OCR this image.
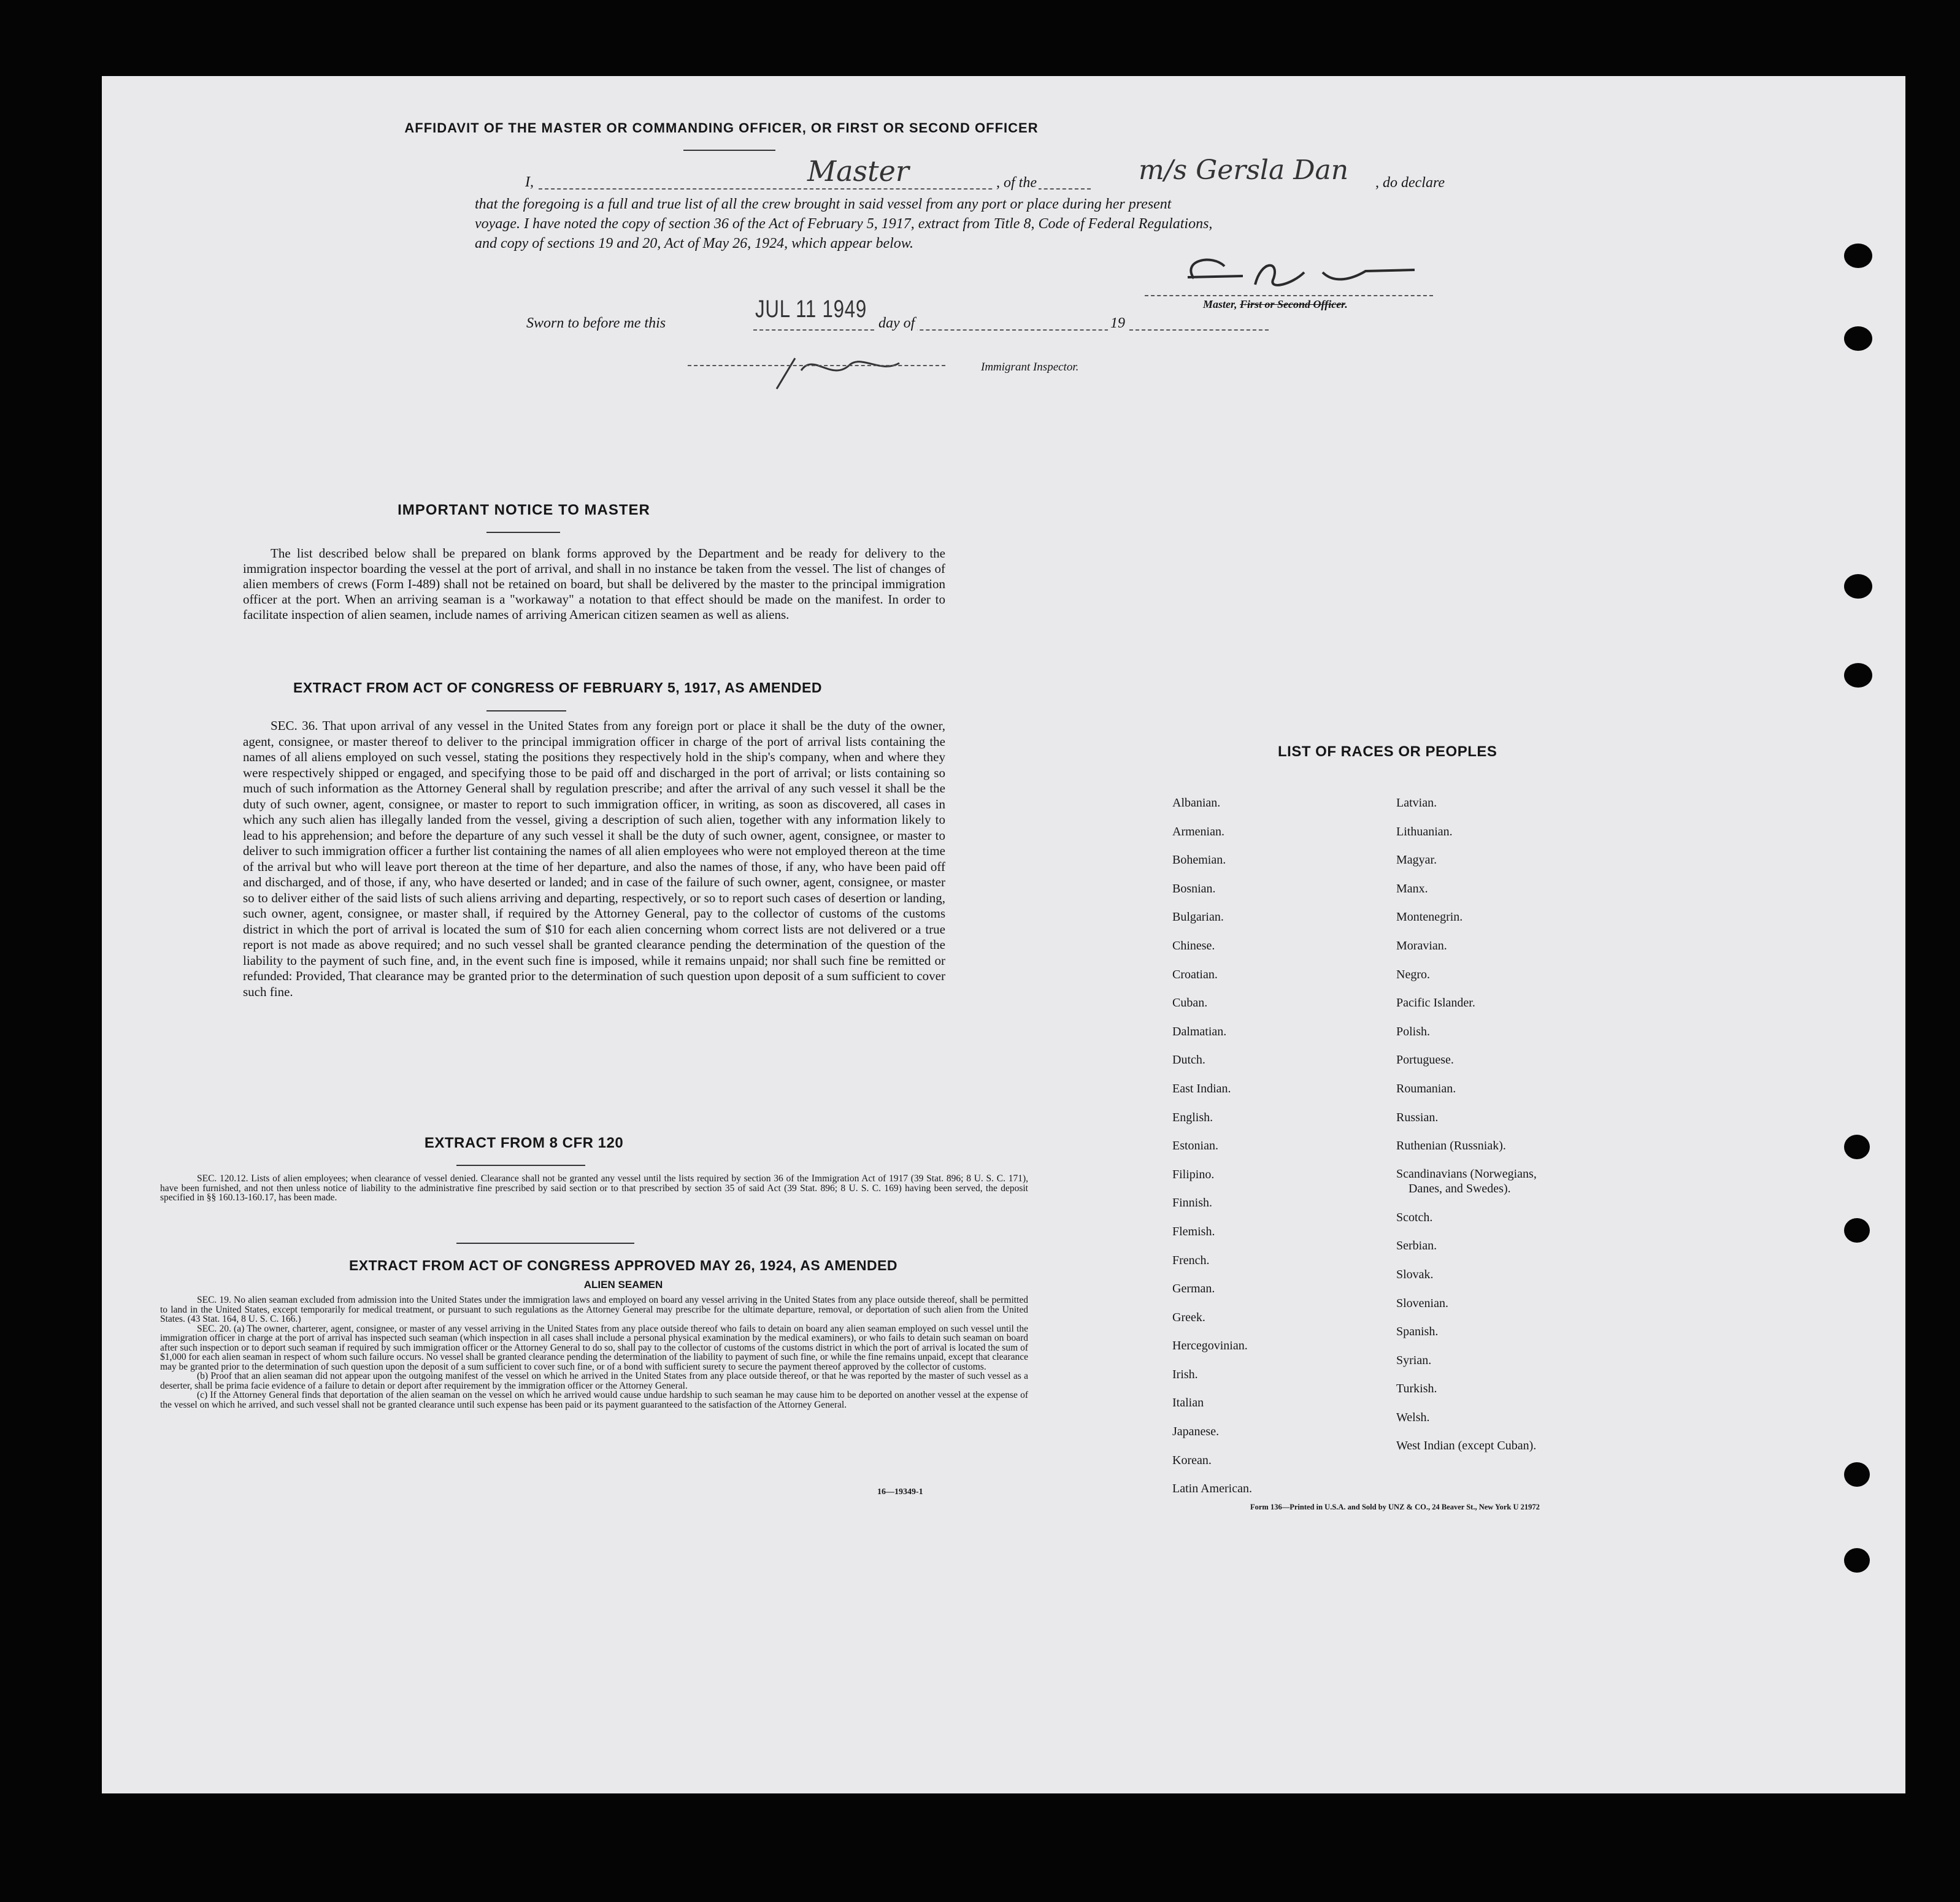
AFFIDAVIT OF THE MASTER OR COMMANDING OFFICER, OR FIRST OR SECOND OFFICER
I,	Master	, of the	m/s Gersla Dan , do declare
that the foregoing is a full and true list of all the crew brought in said vessel from any port or place during her present
voyage. I have noted the copy of section 36 of the Act of February 5, 1917, extract from Title 8, Code of Federal Regulations,
and copy of sections 19 and 20, Act of May 26, 1924, which appear below.
Master, First or Second Officer.
Sworn to before me this
JUL 11 1949
day of	19
Immigrant Inspector.
IMPORTANT NOTICE TO MASTER
The list described below shall be prepared on blank forms approved by the Department and be ready for delivery to the immigration inspector boarding the vessel at the port of arrival, and shall in no instance be taken from the vessel. The list of changes of alien members of crews (Form I-489) shall not be retained on board, but shall be delivered by the master to the principal immigration officer at the port. When an arriving seaman is a "workaway" a notation to that effect should be made on the manifest. In order to facilitate inspection of alien seamen, include names of arriving American citizen seamen as well as aliens.
EXTRACT FROM ACT OF CONGRESS OF FEBRUARY 5, 1917, AS AMENDED
SEC. 36. That upon arrival of any vessel in the United States from any foreign port or place it shall be the duty of the owner, agent, consignee, or master thereof to deliver to the principal immigration officer in charge of the port of arrival lists containing the names of all aliens employed on such vessel, stating the positions they respectively hold in the ship's company, when and where they were respectively shipped or engaged, and specifying those to be paid off and discharged in the port of arrival; or lists containing so much of such information as the Attorney General shall by regulation prescribe; and after the arrival of any such vessel it shall be the duty of such owner, agent, consignee, or master to report to such immigration officer, in writing, as soon as discovered, all cases in which any such alien has illegally landed from the vessel, giving a description of such alien, together with any information likely to lead to his apprehension; and before the departure of any such vessel it shall be the duty of such owner, agent, consignee, or master to deliver to such immigration officer a further list containing the names of all alien employees who were not employed thereon at the time of the arrival but who will leave port thereon at the time of her departure, and also the names of those, if any, who have been paid off and discharged, and of those, if any, who have deserted or landed; and in case of the failure of such owner, agent, consignee, or master so to deliver either of the said lists of such aliens arriving and departing, respectively, or so to report such cases of desertion or landing, such owner, agent, consignee, or master shall, if required by the Attorney General, pay to the collector of customs of the customs district in which the port of arrival is located the sum of $10 for each alien concerning whom correct lists are not delivered or a true report is not made as above required; and no such vessel shall be granted clearance pending the determination of the question of the liability to the payment of such fine, and, in the event such fine is imposed, while it remains unpaid; nor shall such fine be remitted or refunded: Provided, That clearance may be granted prior to the determination of such question upon deposit of a sum sufficient to cover such fine.
EXTRACT FROM 8 CFR 120
SEC. 120.12. Lists of alien employees; when clearance of vessel denied. Clearance shall not be granted any vessel until the lists required by section 36 of the Immigration Act of 1917 (39 Stat. 896; 8 U. S. C. 171), have been furnished, and not then unless notice of liability to the administrative fine prescribed by said section or to that prescribed by section 35 of said Act (39 Stat. 896; 8 U. S. C. 169) having been served, the deposit specified in §§ 160.13-160.17, has been made.
EXTRACT FROM ACT OF CONGRESS APPROVED MAY 26, 1924, AS AMENDED
ALIEN SEAMEN
SEC. 19. No alien seaman excluded from admission into the United States under the immigration laws and employed on board any vessel arriving in the United States from any place outside thereof, shall be permitted to land in the United States, except temporarily for medical treatment, or pursuant to such regulations as the Attorney General may prescribe for the ultimate departure, removal, or deportation of such alien from the United States. (43 Stat. 164, 8 U. S. C. 166.)
SEC. 20. (a) The owner, charterer, agent, consignee, or master of any vessel arriving in the United States from any place outside thereof who fails to detain on board any alien seaman employed on such vessel until the immigration officer in charge at the port of arrival has inspected such seaman (which inspection in all cases shall include a personal physical examination by the medical examiners), or who fails to detain such seaman on board after such inspection or to deport such seaman if required by such immigration officer or the Attorney General to do so, shall pay to the collector of customs of the customs district in which the port of arrival is located the sum of $1,000 for each alien seaman in respect of whom such failure occurs. No vessel shall be granted clearance pending the determination of the liability to payment of such fine, or while the fine remains unpaid, except that clearance may be granted prior to the determination of such question upon the deposit of a sum sufficient to cover such fine, or of a bond with sufficient surety to secure the payment thereof approved by the collector of customs.
(b) Proof that an alien seaman did not appear upon the outgoing manifest of the vessel on which he arrived in the United States from any place outside thereof, or that he was reported by the master of such vessel as a deserter, shall be prima facie evidence of a failure to detain or deport after requirement by the immigration officer or the Attorney General.
(c) If the Attorney General finds that deportation of the alien seaman on the vessel on which he arrived would cause undue hardship to such seaman he may cause him to be deported on another vessel at the expense of the vessel on which he arrived, and such vessel shall not be granted clearance until such expense has been paid or its payment guaranteed to the satisfaction of the Attorney General.
16—19349-1
LIST OF RACES OR PEOPLES
Albanian.
Armenian.
Bohemian.
Bosnian.
Bulgarian.
Chinese.
Croatian.
Cuban.
Dalmatian.
Dutch.
East Indian.
English.
Estonian.
Filipino.
Finnish.
Flemish.
French.
German.
Greek.
Hercegovinian.
Irish.
Italian
Japanese.
Korean.
Latin American.
Latvian.
Lithuanian.
Magyar.
Manx.
Montenegrin.
Moravian.
Negro.
Pacific Islander.
Polish.
Portuguese.
Roumanian.
Russian.
Ruthenian (Russniak).
Scandinavians (Norwegians,
Danes, and Swedes).
Scotch.
Serbian.
Slovak.
Slovenian.
Spanish.
Syrian.
Turkish.
Welsh.
West Indian (except Cuban).
Form 136—Printed in U.S.A. and Sold by UNZ & CO., 24 Beaver St., New York U 21972
